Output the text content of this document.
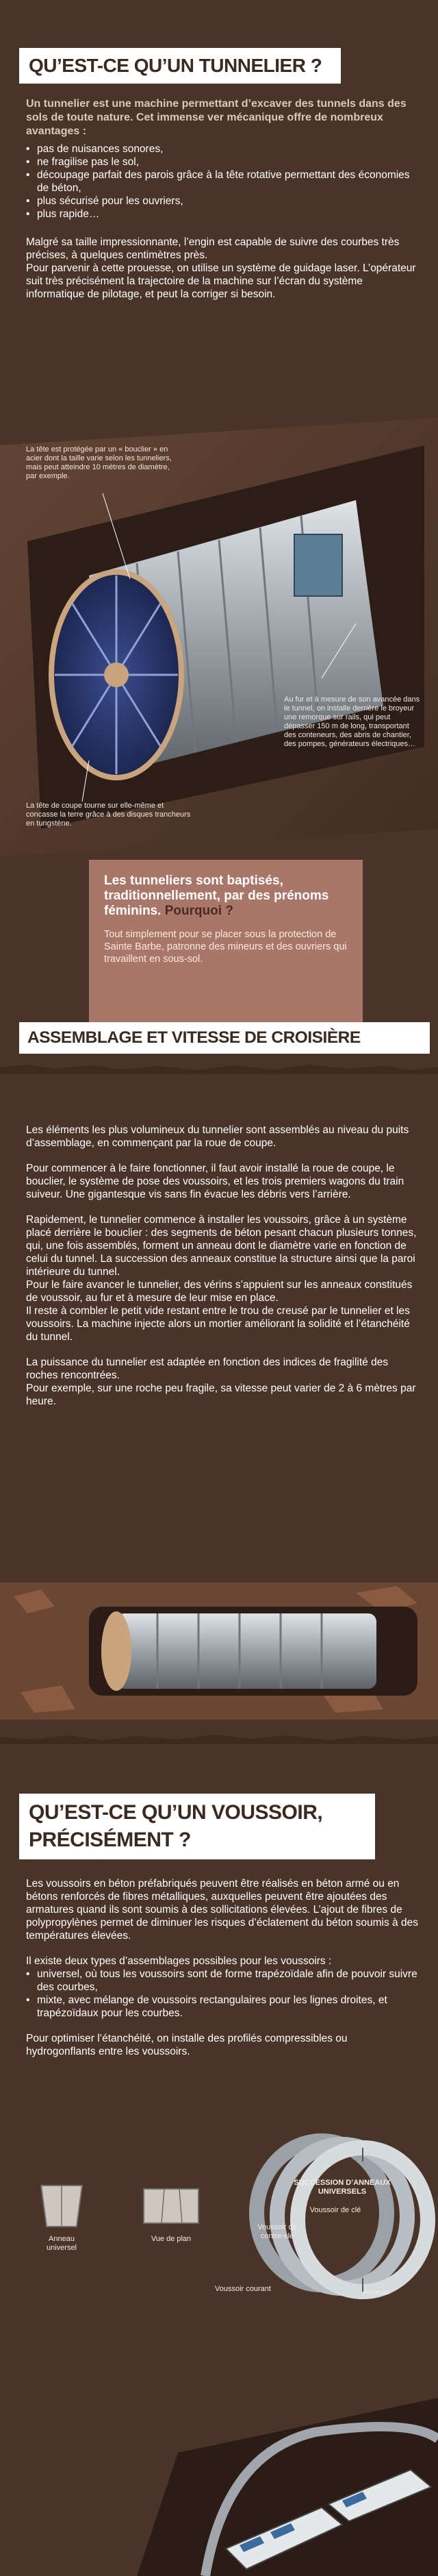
QU’EST-CE QU’UN TUNNELIER ?

Un tunnelier est une machine permettant d’excaver des tunnels dans des sols de toute nature. Cet immense ver mécanique offre de nombreux avantages :

• pas de nuisances sonores,
• ne fragilise pas le sol,
• découpage parfait des parois grâce à la tête rotative permettant des économies de béton,
• plus sécurisé pour les ouvriers,
• plus rapide…

Malgré sa taille impressionnante, l’engin est capable de suivre des courbes très précises, à quelques centimètres près.

Pour parvenir à cette prouesse, on utilise un système de guidage laser. L’opérateur suit très précisément la trajectoire de la machine sur l’écran du système informatique de pilotage, et peut la corriger si besoin.

La tête est protégée par un « bouclier » en acier dont la taille varie selon les tunneliers, mais peut atteindre 10 mètres de diamètre, par exemple.

Au fur et à mesure de son avancée dans le tunnel, on installe derrière le broyeur une remorque sur rails, qui peut dépasser 150 m de long, transportant des conteneurs, des abris de chantier, des pompes, générateurs électriques…

La tête de coupe tourne sur elle-même et concasse la terre grâce à des disques trancheurs en tungstène.

Les tunneliers sont baptisés, traditionnellement, par des prénoms féminins. Pourquoi ?

Tout simplement pour se placer sous la protection de Sainte Barbe, patronne des mineurs et des ouvriers qui travaillent en sous-sol.

ASSEMBLAGE ET VITESSE DE CROISIÈRE

Les éléments les plus volumineux du tunnelier sont assemblés au niveau du puits d’assemblage, en commençant par la roue de coupe.

Pour commencer à le faire fonctionner, il faut avoir installé la roue de coupe, le bouclier, le système de pose des voussoirs, et les trois premiers wagons du train suiveur. Une gigantesque vis sans fin évacue les débris vers l’arrière.

Rapidement, le tunnelier commence à installer les voussoirs, grâce à un système placé derrière le bouclier : des segments de béton pesant chacun plusieurs tonnes, qui, une fois assemblés, forment un anneau dont le diamètre varie en fonction de celui du tunnel. La succession des anneaux constitue la structure ainsi que la paroi intérieure du tunnel.

Pour le faire avancer le tunnelier, des vérins s’appuient sur les anneaux constitués de voussoir, au fur et à mesure de leur mise en place.

Il reste à combler le petit vide restant entre le trou de creusé par le tunnelier et les voussoirs. La machine injecte alors un mortier améliorant la solidité et l’étanchéité du tunnel.

La puissance du tunnelier est adaptée en fonction des indices de fragilité des roches rencontrées.

Pour exemple, sur une roche peu fragile, sa vitesse peut varier de 2 à 6 mètres par heure.

QU’EST-CE QU’UN VOUSSOIR,
PRÉCISÉMENT ?

Les voussoirs en béton préfabriqués peuvent être réalisés en béton armé ou en bétons renforcés de fibres métalliques, auxquelles peuvent être ajoutées des armatures quand ils sont soumis à des sollicitations élevées. L’ajout de fibres de polypropylènes permet de diminuer les risques d’éclatement du béton soumis à des températures élevées.

Il existe deux types d’assemblages possibles pour les voussoirs :

• universel, où tous les voussoirs sont de forme trapézoïdale afin de pouvoir suivre des courbes,
• mixte, avec mélange de voussoirs rectangulaires pour les lignes droites, et trapézoïdaux pour les courbes.

Pour optimiser l’étanchéité, on installe des profilés compressibles ou hydrogonflants entre les voussoirs.

SUCCESSION D’ANNEAUX UNIVERSELS

Voussoir de clé

Voussoir de contre-clé

Anneau universel

Vue de plan

Voussoir courant	Anneau
